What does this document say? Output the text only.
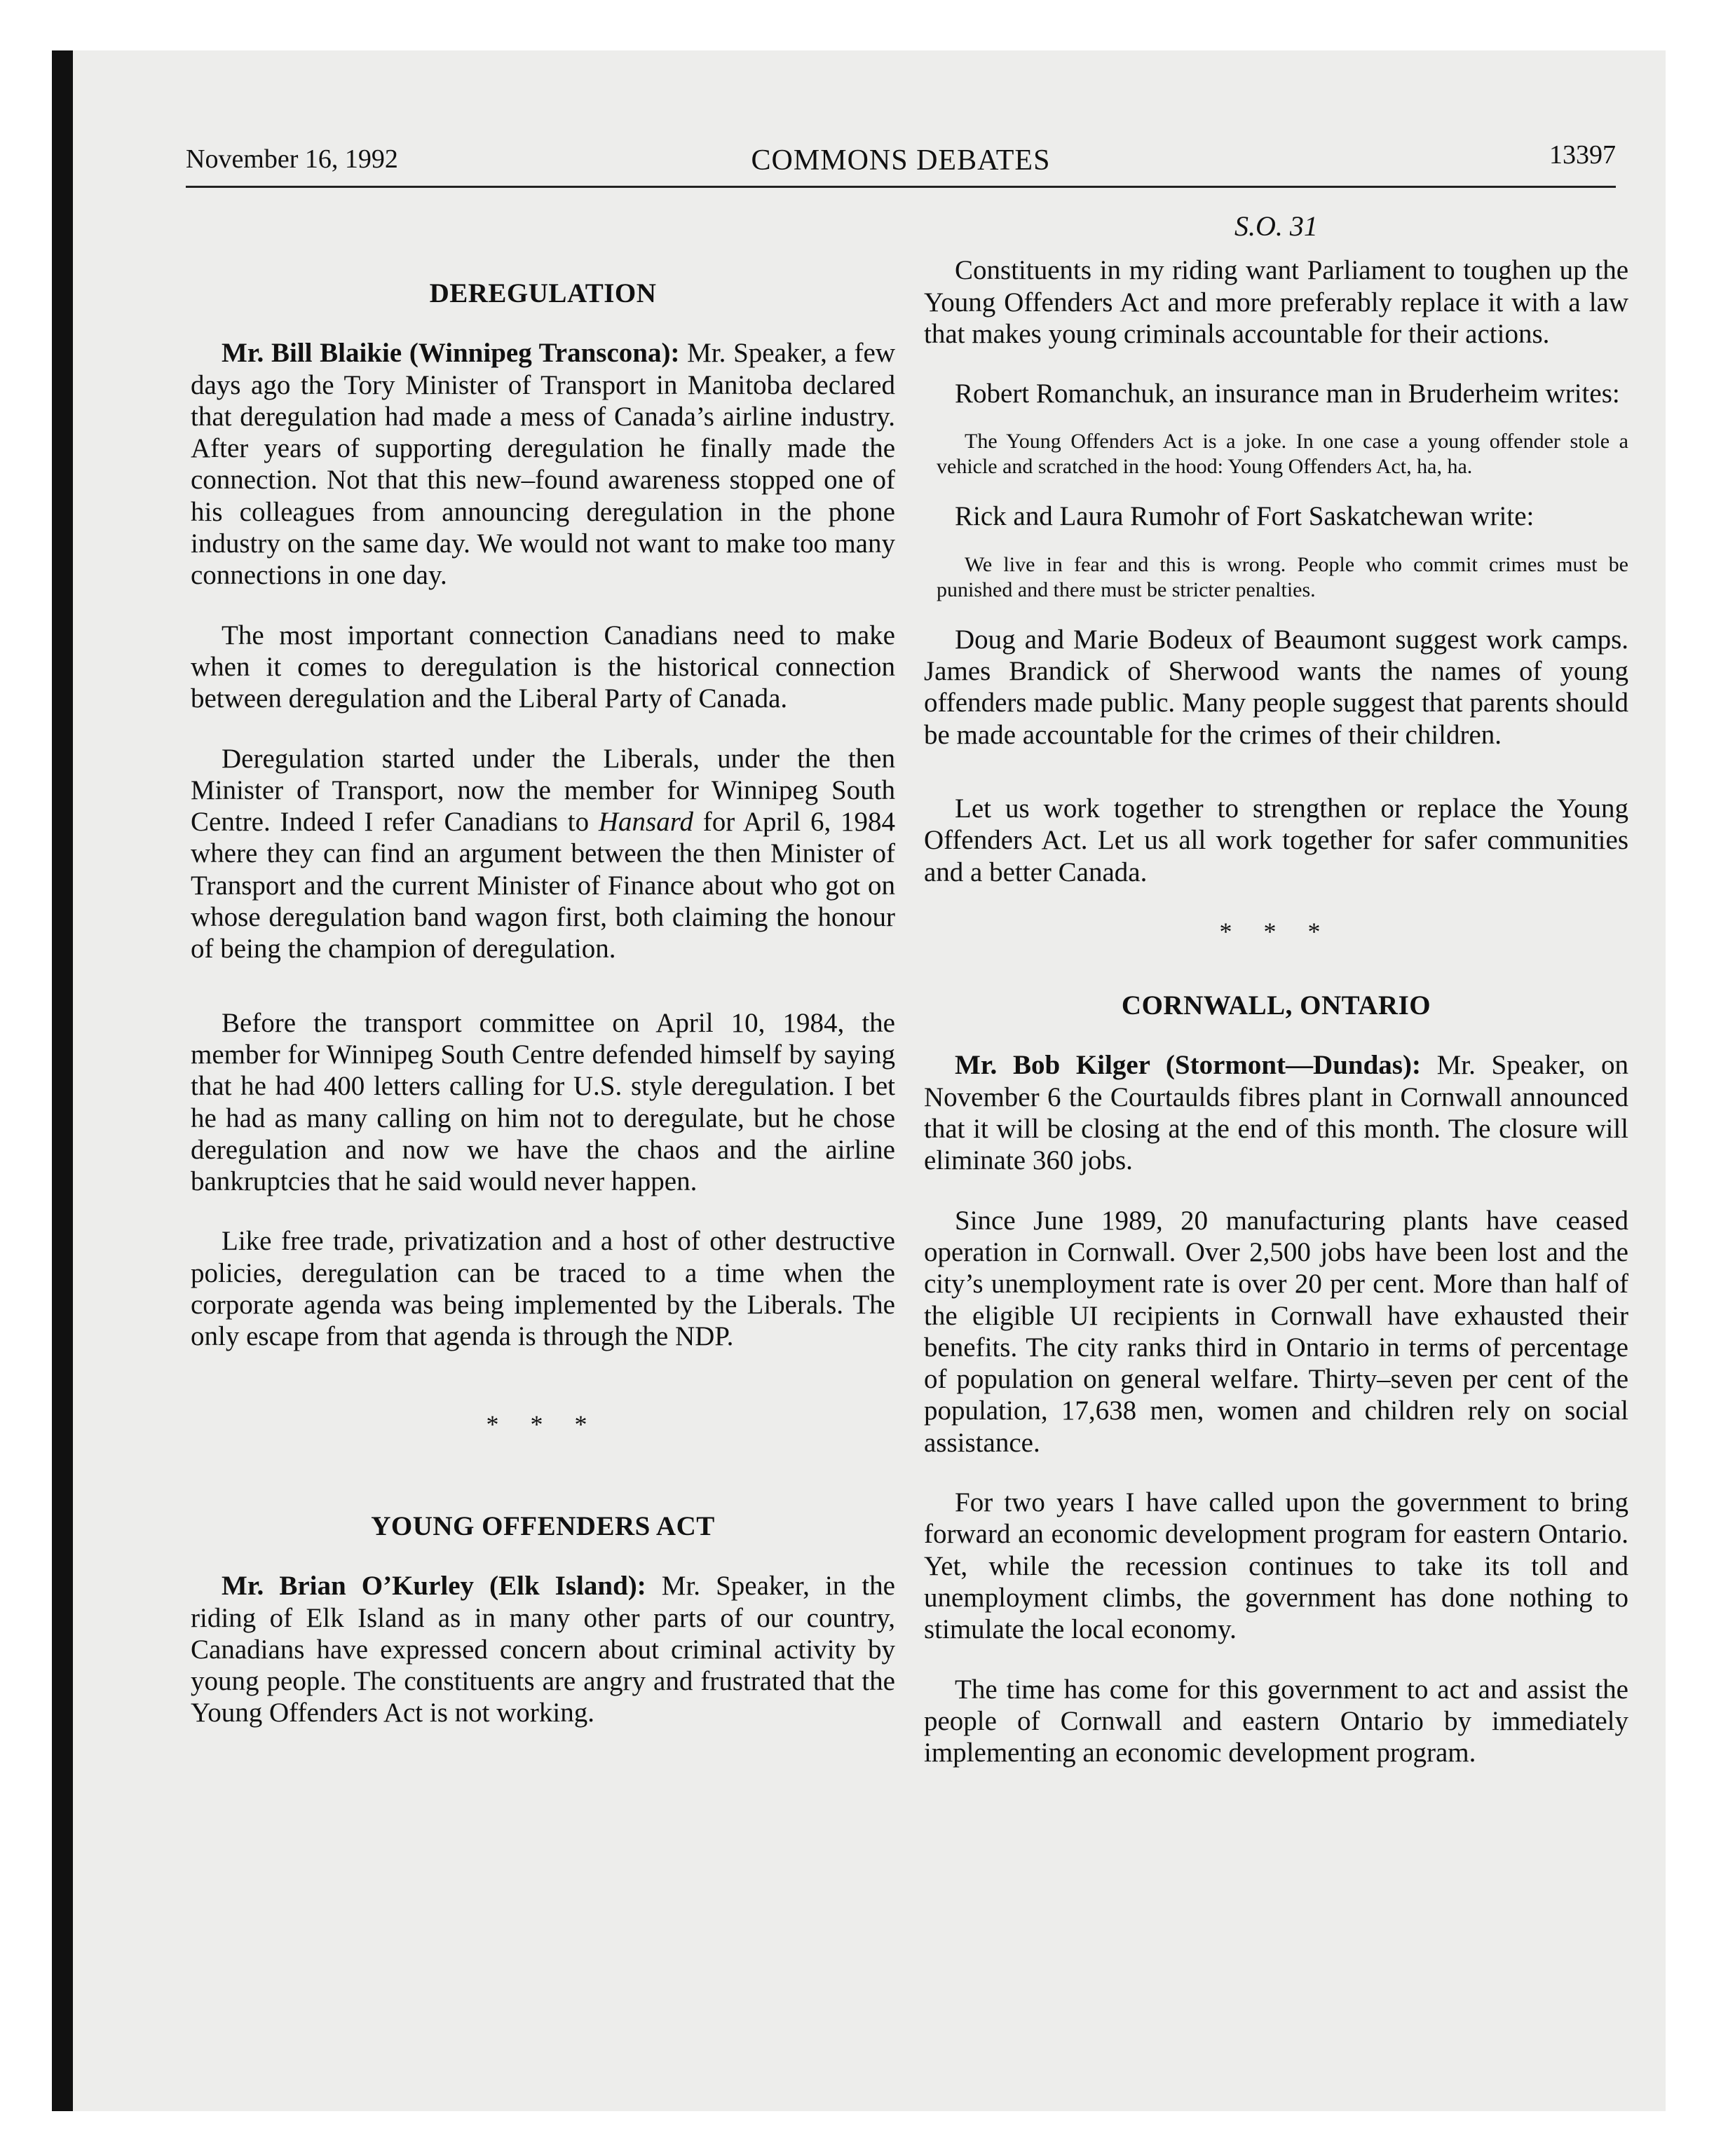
November 16, 1992	COMMONS DEBATES	13397
DEREGULATION

Mr. Bill Blaikie (Winnipeg Transcona): Mr. Speaker, a few days ago the Tory Minister of Transport in Manitoba declared that deregulation had made a mess of Canada’s airline industry. After years of supporting deregulation he finally made the connection. Not that this new–found awareness stopped one of his colleagues from announcing deregulation in the phone industry on the same day. We would not want to make too many connections in one day.

The most important connection Canadians need to make when it comes to deregulation is the historical connection between deregulation and the Liberal Party of Canada.

Deregulation started under the Liberals, under the then Minister of Transport, now the member for Winnipeg South Centre. Indeed I refer Canadians to Hansard for April 6, 1984 where they can find an argument between the then Minister of Transport and the current Minister of Finance about who got on whose deregulation band wagon first, both claiming the honour of being the champion of deregulation.

Before the transport committee on April 10, 1984, the member for Winnipeg South Centre defended himself by saying that he had 400 letters calling for U.S. style deregulation. I bet he had as many calling on him not to deregulate, but he chose deregulation and now we have the chaos and the airline bankruptcies that he said would never happen.

Like free trade, privatization and a host of other destructive policies, deregulation can be traced to a time when the corporate agenda was being implemented by the Liberals. The only escape from that agenda is through the NDP.

* * *
YOUNG OFFENDERS ACT

Mr. Brian O’Kurley (Elk Island): Mr. Speaker, in the riding of Elk Island as in many other parts of our country, Canadians have expressed concern about criminal activity by young people. The constituents are angry and frustrated that the Young Offenders Act is not working.

S.O. 31

Constituents in my riding want Parliament to toughen up the Young Offenders Act and more preferably replace it with a law that makes young criminals accountable for their actions.

Robert Romanchuk, an insurance man in Bruderheim writes:

The Young Offenders Act is a joke. In one case a young offender stole a vehicle and scratched in the hood: Young Offenders Act, ha, ha.

Rick and Laura Rumohr of Fort Saskatchewan write:

We live in fear and this is wrong. People who commit crimes must be punished and there must be stricter penalties.

Doug and Marie Bodeux of Beaumont suggest work camps. James Brandick of Sherwood wants the names of young offenders made public. Many people suggest that parents should be made accountable for the crimes of their children.

Let us work together to strengthen or replace the Young Offenders Act. Let us all work together for safer communities and a better Canada.

* * *
CORNWALL, ONTARIO

Mr. Bob Kilger (Stormont—Dundas): Mr. Speaker, on November 6 the Courtaulds fibres plant in Cornwall announced that it will be closing at the end of this month. The closure will eliminate 360 jobs.

Since June 1989, 20 manufacturing plants have ceased operation in Cornwall. Over 2,500 jobs have been lost and the city’s unemployment rate is over 20 per cent. More than half of the eligible UI recipients in Cornwall have exhausted their benefits. The city ranks third in Ontario in terms of percentage of population on general welfare. Thirty–seven per cent of the population, 17,638 men, women and children rely on social assistance.

For two years I have called upon the government to bring forward an economic development program for eastern Ontario. Yet, while the recession continues to take its toll and unemployment climbs, the government has done nothing to stimulate the local economy.

The time has come for this government to act and assist the people of Cornwall and eastern Ontario by immediately implementing an economic development program.
